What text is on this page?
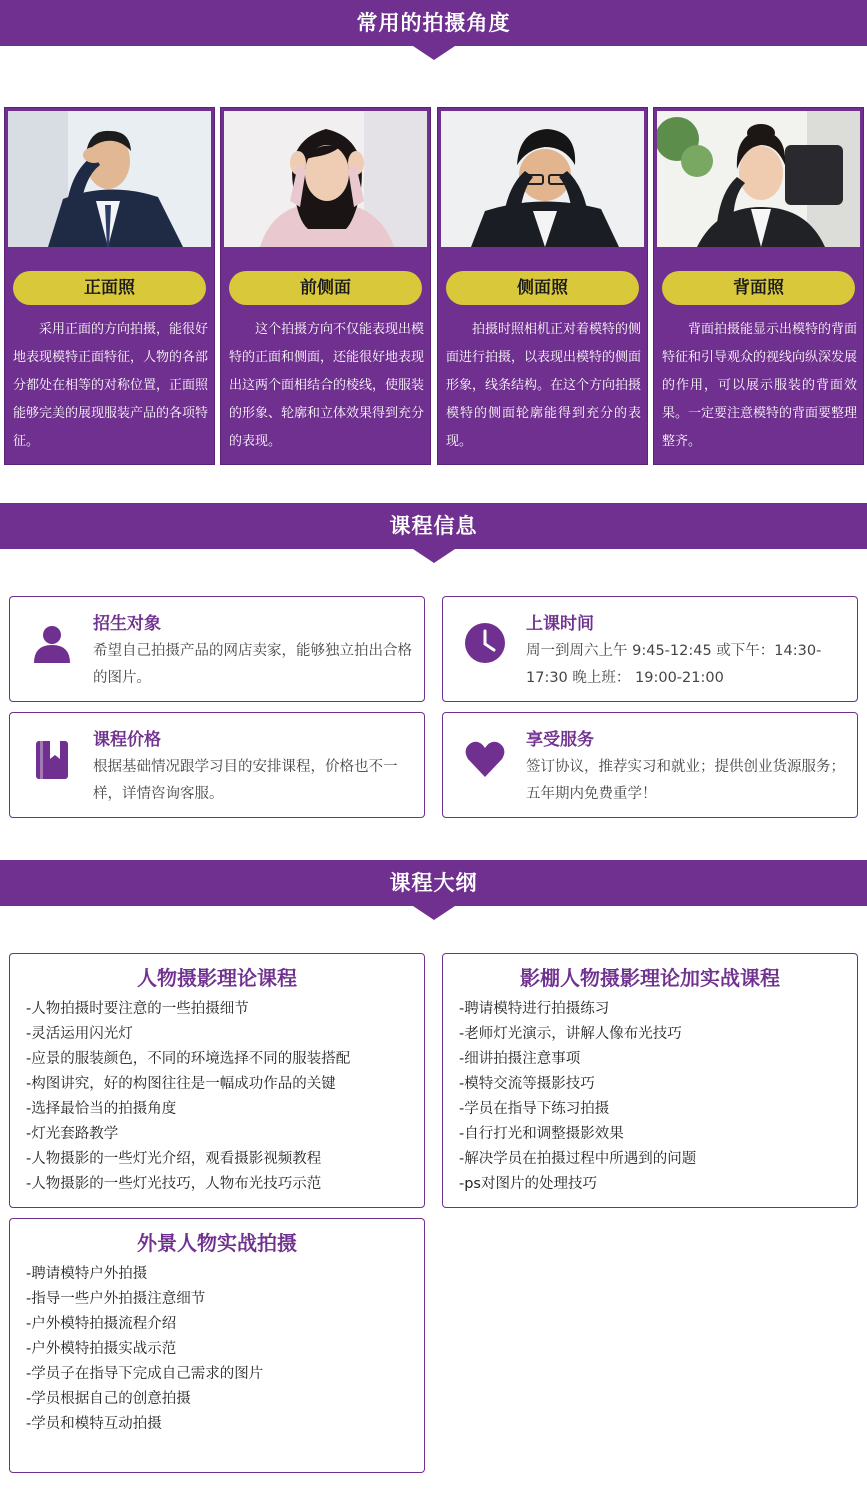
常用的拍摄角度
正面照

采用正面的方向拍摄，能很好地表现模特正面特征，人物的各部分都处在相等的对称位置，正面照能够完美的展现服装产品的各项特征。

前侧面

这个拍摄方向不仅能表现出模特的正面和侧面，还能很好地表现出这两个面相结合的棱线，使服装的形象、轮廓和立体效果得到充分的表现。

侧面照

拍摄时照相机正对着模特的侧面进行拍摄，以表现出模特的侧面形象，线条结构。在这个方向拍摄模特的侧面轮廓能得到充分的表现。

背面照

背面拍摄能显示出模特的背面特征和引导观众的视线向纵深发展的作用，可以展示服装的背面效果。一定要注意模特的背面要整理整齐。

课程信息
招生对象
希望自己拍摄产品的网店卖家，能够独立拍出合格的图片。
上课时间
周一到周六上午 9:45-12:45 或下午：14:30-17:30 晚上班： 19:00-21:00
课程价格
根据基础情况跟学习目的安排课程，价格也不一样，详情咨询客服。
享受服务
签订协议，推荐实习和就业；提供创业货源服务；五年期内免费重学！
课程大纲
人物摄影理论课程
-人物拍摄时要注意的一些拍摄细节
-灵活运用闪光灯
-应景的服装颜色，不同的环境选择不同的服装搭配
-构图讲究，好的构图往往是一幅成功作品的关键
-选择最恰当的拍摄角度
-灯光套路教学
-人物摄影的一些灯光介绍，观看摄影视频教程
-人物摄影的一些灯光技巧，人物布光技巧示范
影棚人物摄影理论加实战课程
-聘请模特进行拍摄练习
-老师灯光演示，讲解人像布光技巧
-细讲拍摄注意事项
-模特交流等摄影技巧
-学员在指导下练习拍摄
-自行打光和调整摄影效果
-解决学员在拍摄过程中所遇到的问题
-ps对图片的处理技巧
外景人物实战拍摄
-聘请模特户外拍摄
-指导一些户外拍摄注意细节
-户外模特拍摄流程介绍
-户外模特拍摄实战示范
-学员子在指导下完成自己需求的图片
-学员根据自己的创意拍摄
-学员和模特互动拍摄
